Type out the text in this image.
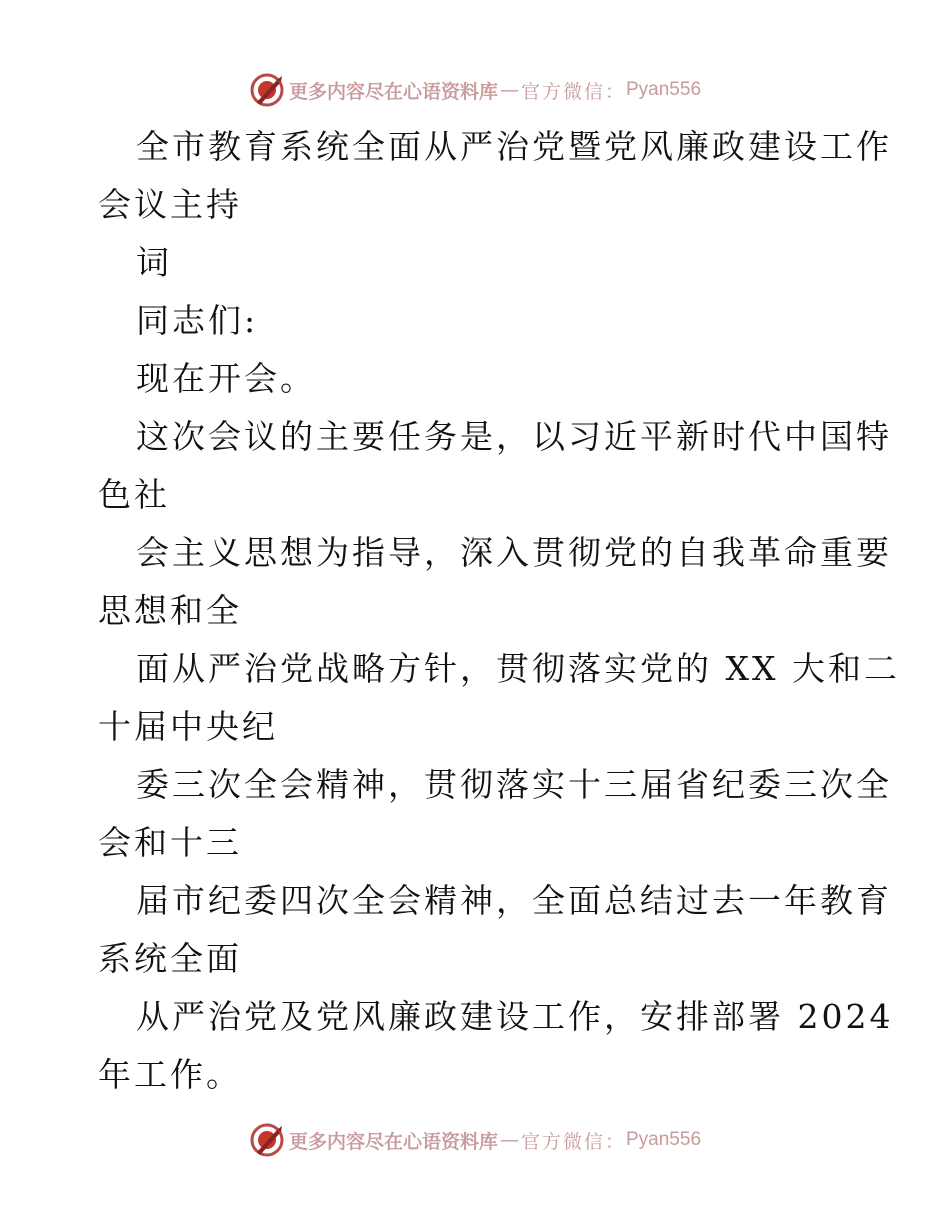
更多内容尽在心语资料库 — 官方微信： Pyan556
全市教育系统全面从严治党暨党风廉政建设工作
会议主持
词
同志们:
现在开会。
这次会议的主要任务是，以习近平新时代中国特
色社
会主义思想为指导，深入贯彻党的自我革命重要
思想和全
面从严治党战略方针，贯彻落实党的 XX 大和二
十届中央纪
委三次全会精神，贯彻落实十三届省纪委三次全
会和十三
届市纪委四次全会精神，全面总结过去一年教育
系统全面
从严治党及党风廉政建设工作，安排部署 2024
年工作。
更多内容尽在心语资料库 — 官方微信： Pyan556
